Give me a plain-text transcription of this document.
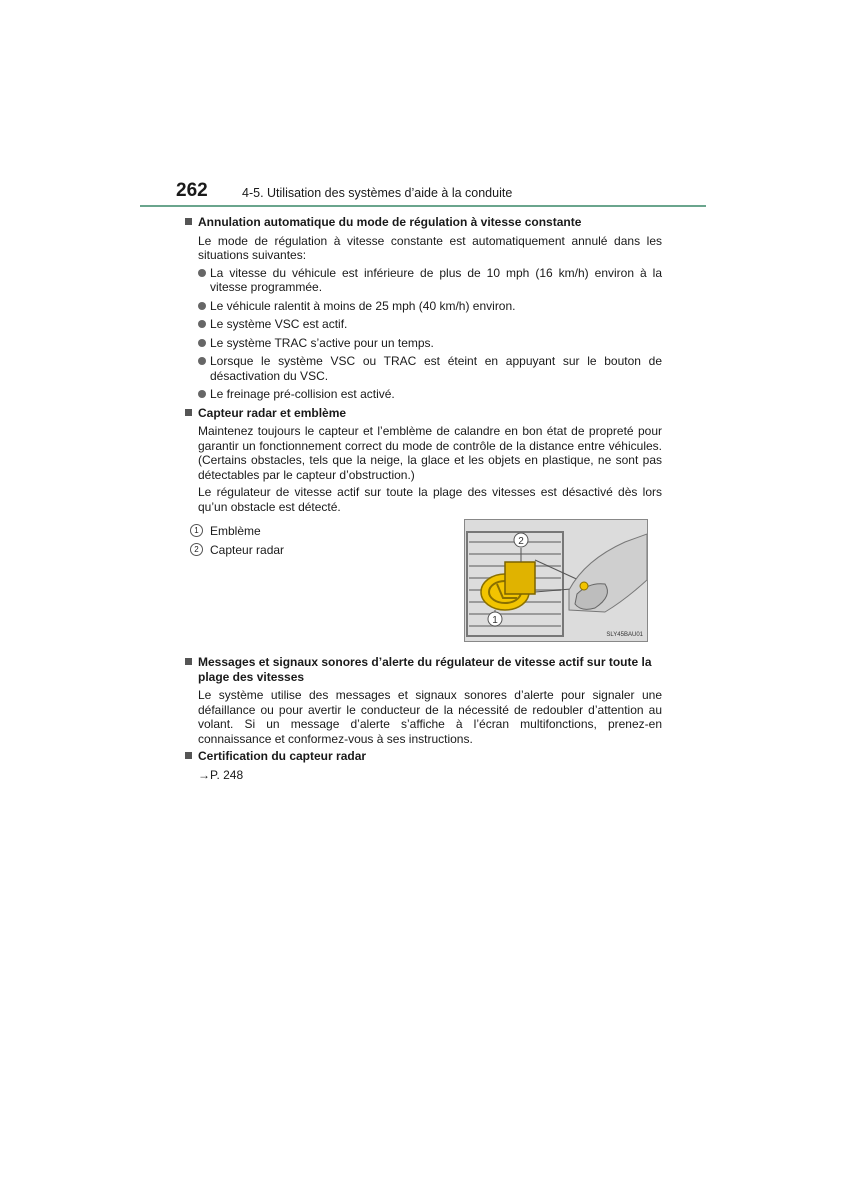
262	4-5. Utilisation des systèmes d’aide à la conduite
Annulation automatique du mode de régulation à vitesse constante
Le mode de régulation à vitesse constante est automatiquement annulé dans les situations suivantes:
La vitesse du véhicule est inférieure de plus de 10 mph (16 km/h) environ à la vitesse programmée.
Le véhicule ralentit à moins de 25 mph (40 km/h) environ.
Le système VSC est actif.
Le système TRAC s’active pour un temps.
Lorsque le système VSC ou TRAC est éteint en appuyant sur le bouton de désactivation du VSC.
Le freinage pré-collision est activé.
Capteur radar et emblème
Maintenez toujours le capteur et l’emblème de calandre en bon état de propreté pour garantir un fonctionnement correct du mode de contrôle de la distance entre véhicules. (Certains obstacles, tels que la neige, la glace et les objets en plastique, ne sont pas détectables par le capteur d’obstruction.)
Le régulateur de vitesse actif sur toute la plage des vitesses est désactivé dès lors qu’un obstacle est détecté.
1 Emblème
2 Capteur radar
2
1
SLY45BAU01
Messages et signaux sonores d’alerte du régulateur de vitesse actif sur toute la plage des vitesses
Le système utilise des messages et signaux sonores d’alerte pour signaler une défaillance ou pour avertir le conducteur de la nécessité de redoubler d’attention au volant. Si un message d’alerte s’affiche à l’écran multifonctions, prenez-en connaissance et conformez-vous à ses instructions.
Certification du capteur radar
→P. 248
